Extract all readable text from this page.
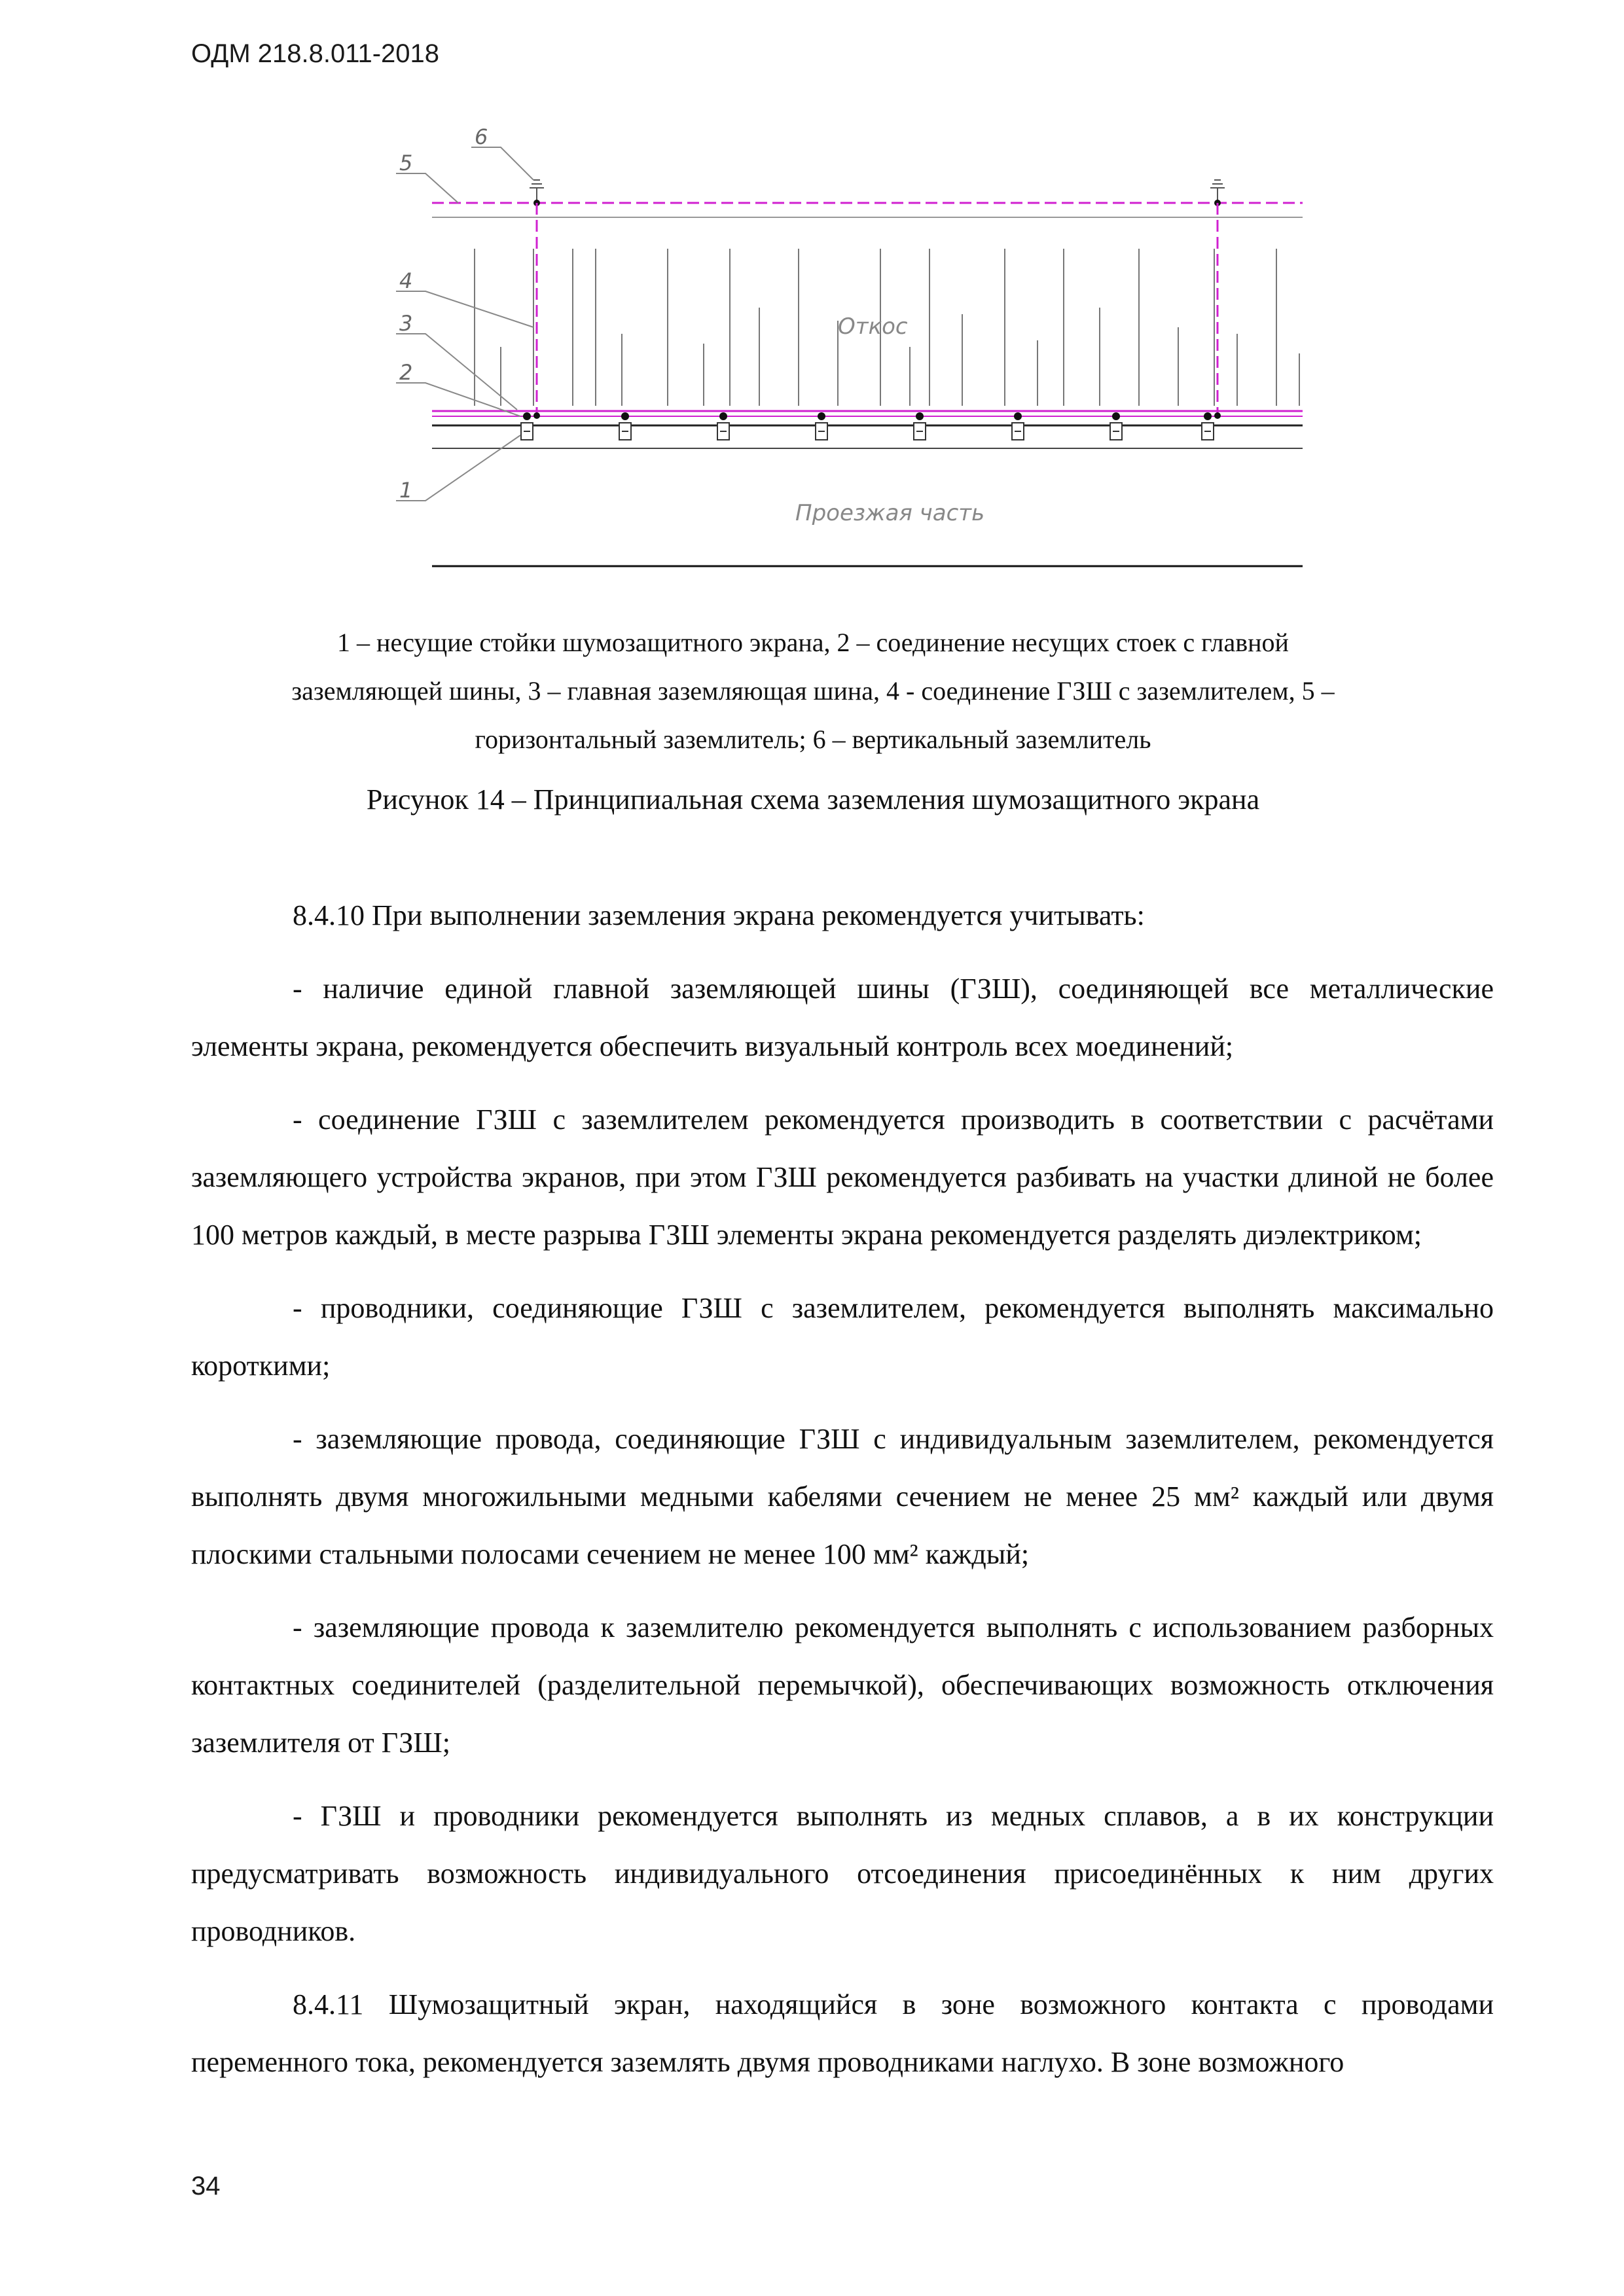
ОДМ 218.8.011-2018
Откос
Проезжая часть
6
5
4
3
2
1
1 – несущие стойки шумозащитного экрана, 2 – соединение несущих стоек с главной
заземляющей шины, 3 – главная заземляющая шина, 4 - соединение ГЗШ с заземлителем, 5 –
горизонтальный заземлитель; 6 – вертикальный заземлитель
Рисунок 14 – Принципиальная схема заземления шумозащитного экрана

8.4.10 При выполнении заземления экрана рекомендуется учитывать:

- наличие единой главной заземляющей шины (ГЗШ), соединяющей все металлические элементы экрана, рекомендуется обеспечить визуальный контроль всех моединений;

- соединение ГЗШ с заземлителем рекомендуется производить в соответствии с расчётами заземляющего устройства экранов, при этом ГЗШ рекомендуется разбивать на участки длиной не более 100 метров каждый, в месте разрыва ГЗШ элементы экрана рекомендуется разделять диэлектриком;

- проводники, соединяющие ГЗШ с заземлителем, рекомендуется выполнять максимально короткими;

- заземляющие провода, соединяющие ГЗШ с индивидуальным заземлителем, рекомендуется выполнять двумя многожильными медными кабелями сечением не менее 25 мм² каждый или двумя плоскими стальными полосами сечением не менее 100 мм² каждый;

- заземляющие провода к заземлителю рекомендуется выполнять с использованием разборных контактных соединителей (разделительной перемычкой), обеспечивающих возможность отключения заземлителя от ГЗШ;

- ГЗШ и проводники рекомендуется выполнять из медных сплавов, а в их конструкции предусматривать возможность индивидуального отсоединения присоединённых к ним других проводников.

8.4.11 Шумозащитный экран, находящийся в зоне возможного контакта с проводами переменного тока, рекомендуется заземлять двумя проводниками наглухо. В зоне возможного

34
